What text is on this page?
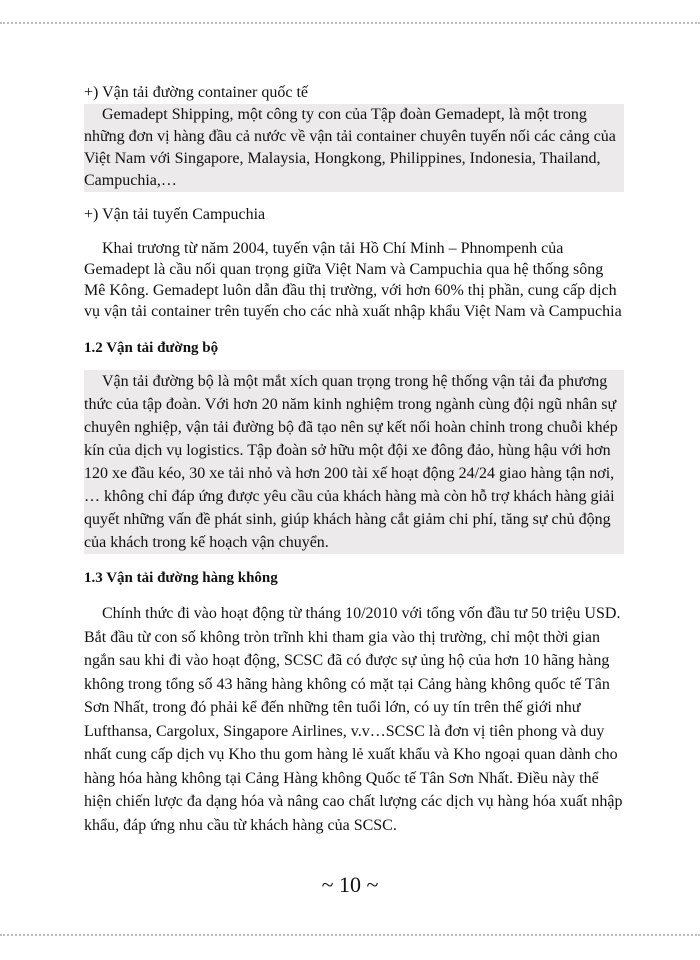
+) Vận tải đường container quốc tế

Gemadept Shipping, một công ty con của Tập đoàn Gemadept, là một trong những đơn vị hàng đầu cả nước về vận tải container chuyên tuyến nối các cảng của Việt Nam với Singapore, Malaysia, Hongkong, Philippines, Indonesia, Thailand, Campuchia,…

+) Vận tải tuyến Campuchia

Khai trương từ năm 2004, tuyến vận tải Hồ Chí Minh – Phnompenh của Gemadept là cầu nối quan trọng giữa Việt Nam và Campuchia qua hệ thống sông Mê Kông. Gemadept luôn dẫn đầu thị trường, với hơn 60% thị phần, cung cấp dịch vụ vận tải container trên tuyến cho các nhà xuất nhập khẩu Việt Nam và Campuchia

1.2 Vận tải đường bộ

Vận tải đường bộ là một mắt xích quan trọng trong hệ thống vận tải đa phương thức của tập đoàn. Với hơn 20 năm kinh nghiệm trong ngành cùng đội ngũ nhân sự chuyên nghiệp, vận tải đường bộ đã tạo nên sự kết nối hoàn chỉnh trong chuỗi khép kín của dịch vụ logistics. Tập đoàn sở hữu một đội xe đông đảo, hùng hậu với hơn 120 xe đầu kéo, 30 xe tải nhỏ và hơn 200 tài xế hoạt động 24/24 giao hàng tận nơi, … không chỉ đáp ứng được yêu cầu của khách hàng mà còn hỗ trợ khách hàng giải quyết những vấn đề phát sinh, giúp khách hàng cắt giảm chi phí, tăng sự chủ động của khách trong kế hoạch vận chuyển.

1.3 Vận tải đường hàng không

Chính thức đi vào hoạt động từ tháng 10/2010 với tổng vốn đầu tư 50 triệu USD. Bắt đầu từ con số không tròn trĩnh khi tham gia vào thị trường, chỉ một thời gian ngắn sau khi đi vào hoạt động, SCSC đã có được sự ủng hộ của hơn 10 hãng hàng không trong tổng số 43 hãng hàng không có mặt tại Cảng hàng không quốc tế Tân Sơn Nhất, trong đó phải kể đến những tên tuổi lớn, có uy tín trên thế giới như Lufthansa, Cargolux, Singapore Airlines, v.v…SCSC là đơn vị tiên phong và duy nhất cung cấp dịch vụ Kho thu gom hàng lẻ xuất khẩu và Kho ngoại quan dành cho hàng hóa hàng không tại Cảng Hàng không Quốc tế Tân Sơn Nhất. Điều này thể hiện chiến lược đa dạng hóa và nâng cao chất lượng các dịch vụ hàng hóa xuất nhập khẩu, đáp ứng nhu cầu từ khách hàng của SCSC.

~ 10 ~
